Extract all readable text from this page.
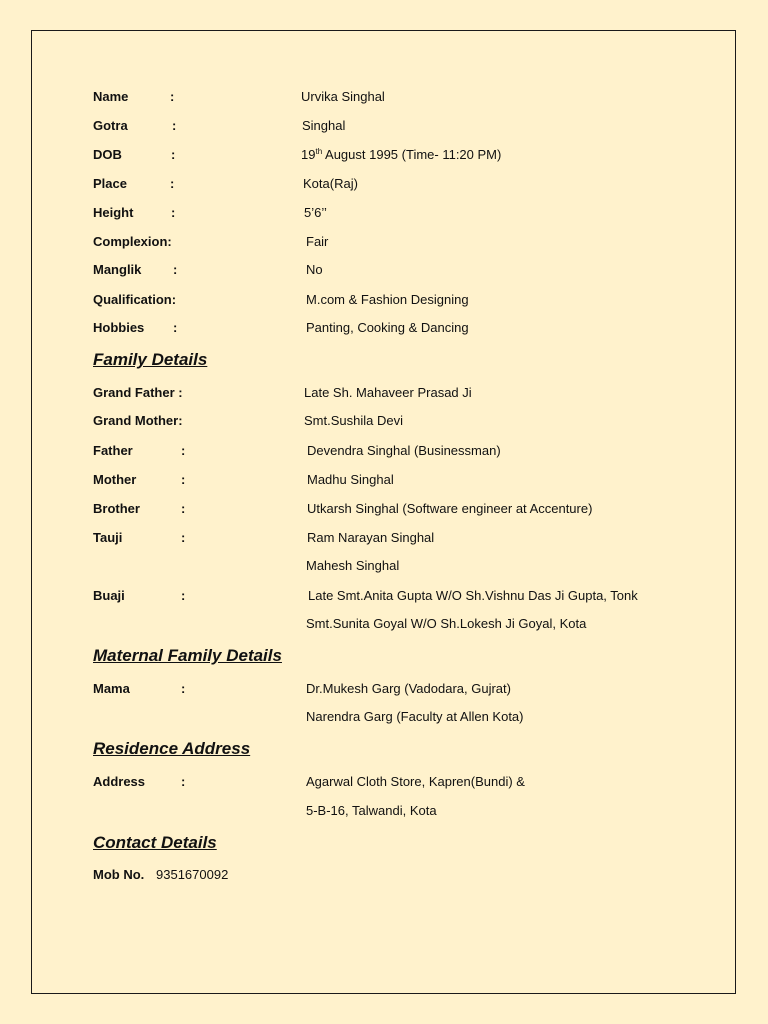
Name	:	Urvika Singhal
Gotra	:	Singhal
DOB	:	19th August 1995 (Time- 11:20 PM)
Place	:	Kota(Raj)
Height	:	5’6’’
Complexion:	Fair
Manglik :	No
Qualification:	M.com & Fashion Designing
Hobbies :	Panting, Cooking & Dancing
Family Details
Grand Father :	Late Sh. Mahaveer Prasad Ji
Grand Mother:	Smt.Sushila Devi
Father	:	Devendra Singhal (Businessman)
Mother	:	Madhu Singhal
Brother	:	Utkarsh Singhal (Software engineer at Accenture)
Tauji	:	Ram Narayan Singhal
Mahesh Singhal
Buaji	:	Late Smt.Anita Gupta W/O Sh.Vishnu Das Ji Gupta, Tonk
Smt.Sunita Goyal W/O Sh.Lokesh Ji Goyal, Kota
Maternal Family Details
Mama	:	Dr.Mukesh Garg (Vadodara, Gujrat)
Narendra Garg (Faculty at Allen Kota)
Residence Address
Address	:	Agarwal Cloth Store, Kapren(Bundi) &
5-B-16, Talwandi, Kota
Contact Details
Mob No. 9351670092
